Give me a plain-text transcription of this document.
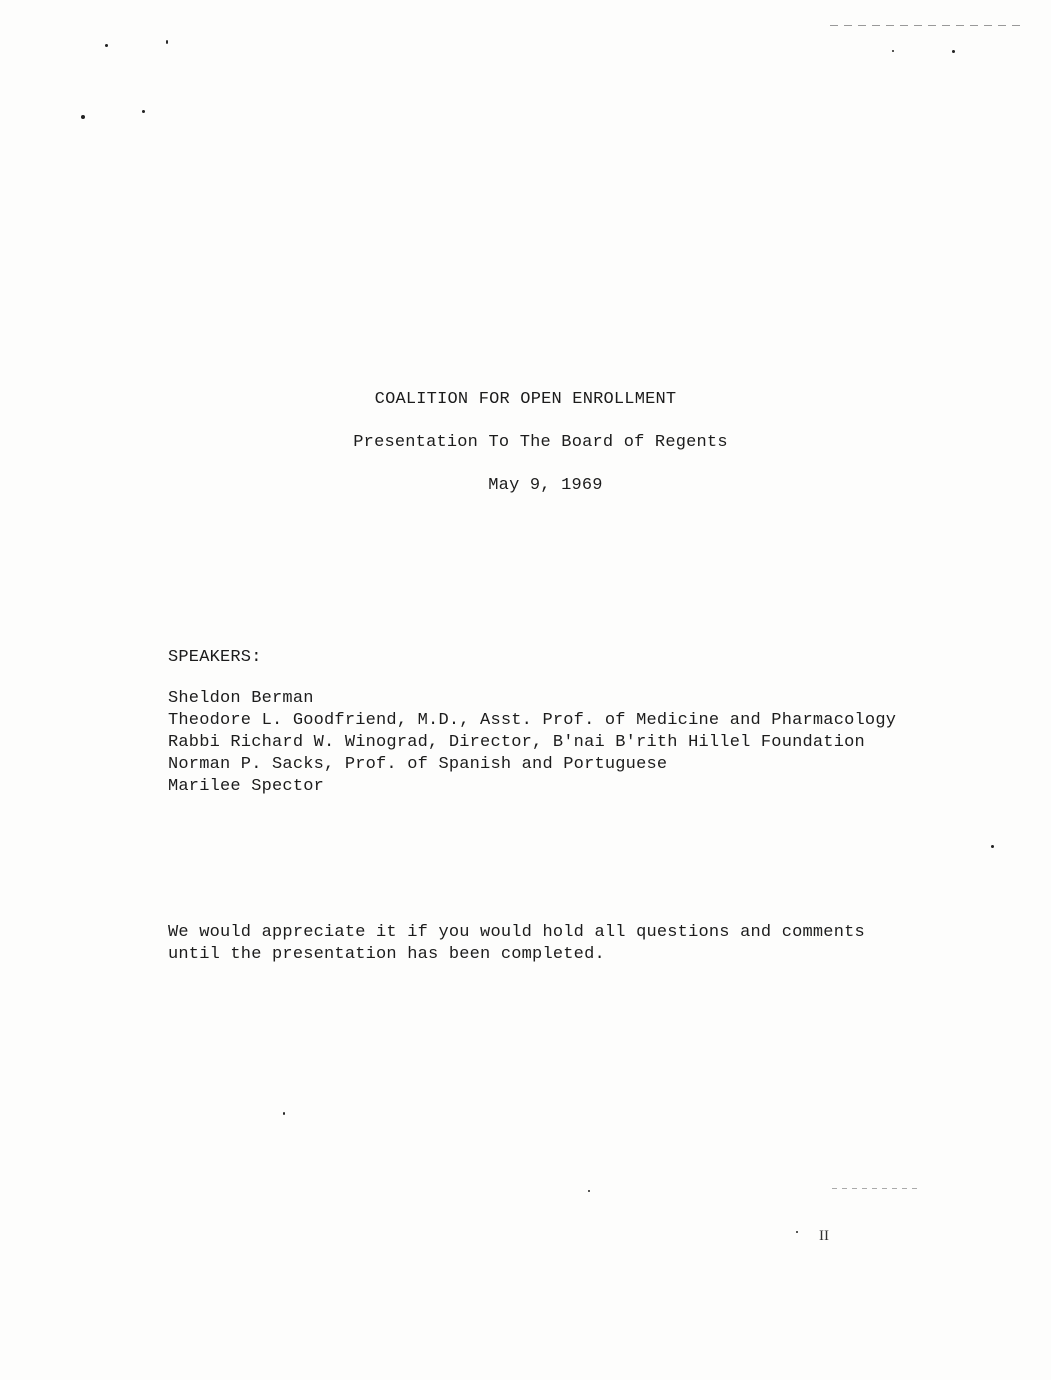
COALITION FOR OPEN ENROLLMENT
Presentation To The Board of Regents
May 9, 1969
SPEAKERS:
Sheldon Berman
Theodore L. Goodfriend, M.D., Asst. Prof. of Medicine and Pharmacology
Rabbi Richard W. Winograd, Director, B'nai B'rith Hillel Foundation
Norman P. Sacks, Prof. of Spanish and Portuguese
Marilee Spector
We would appreciate it if you would hold all questions and comments
until the presentation has been completed.
II
